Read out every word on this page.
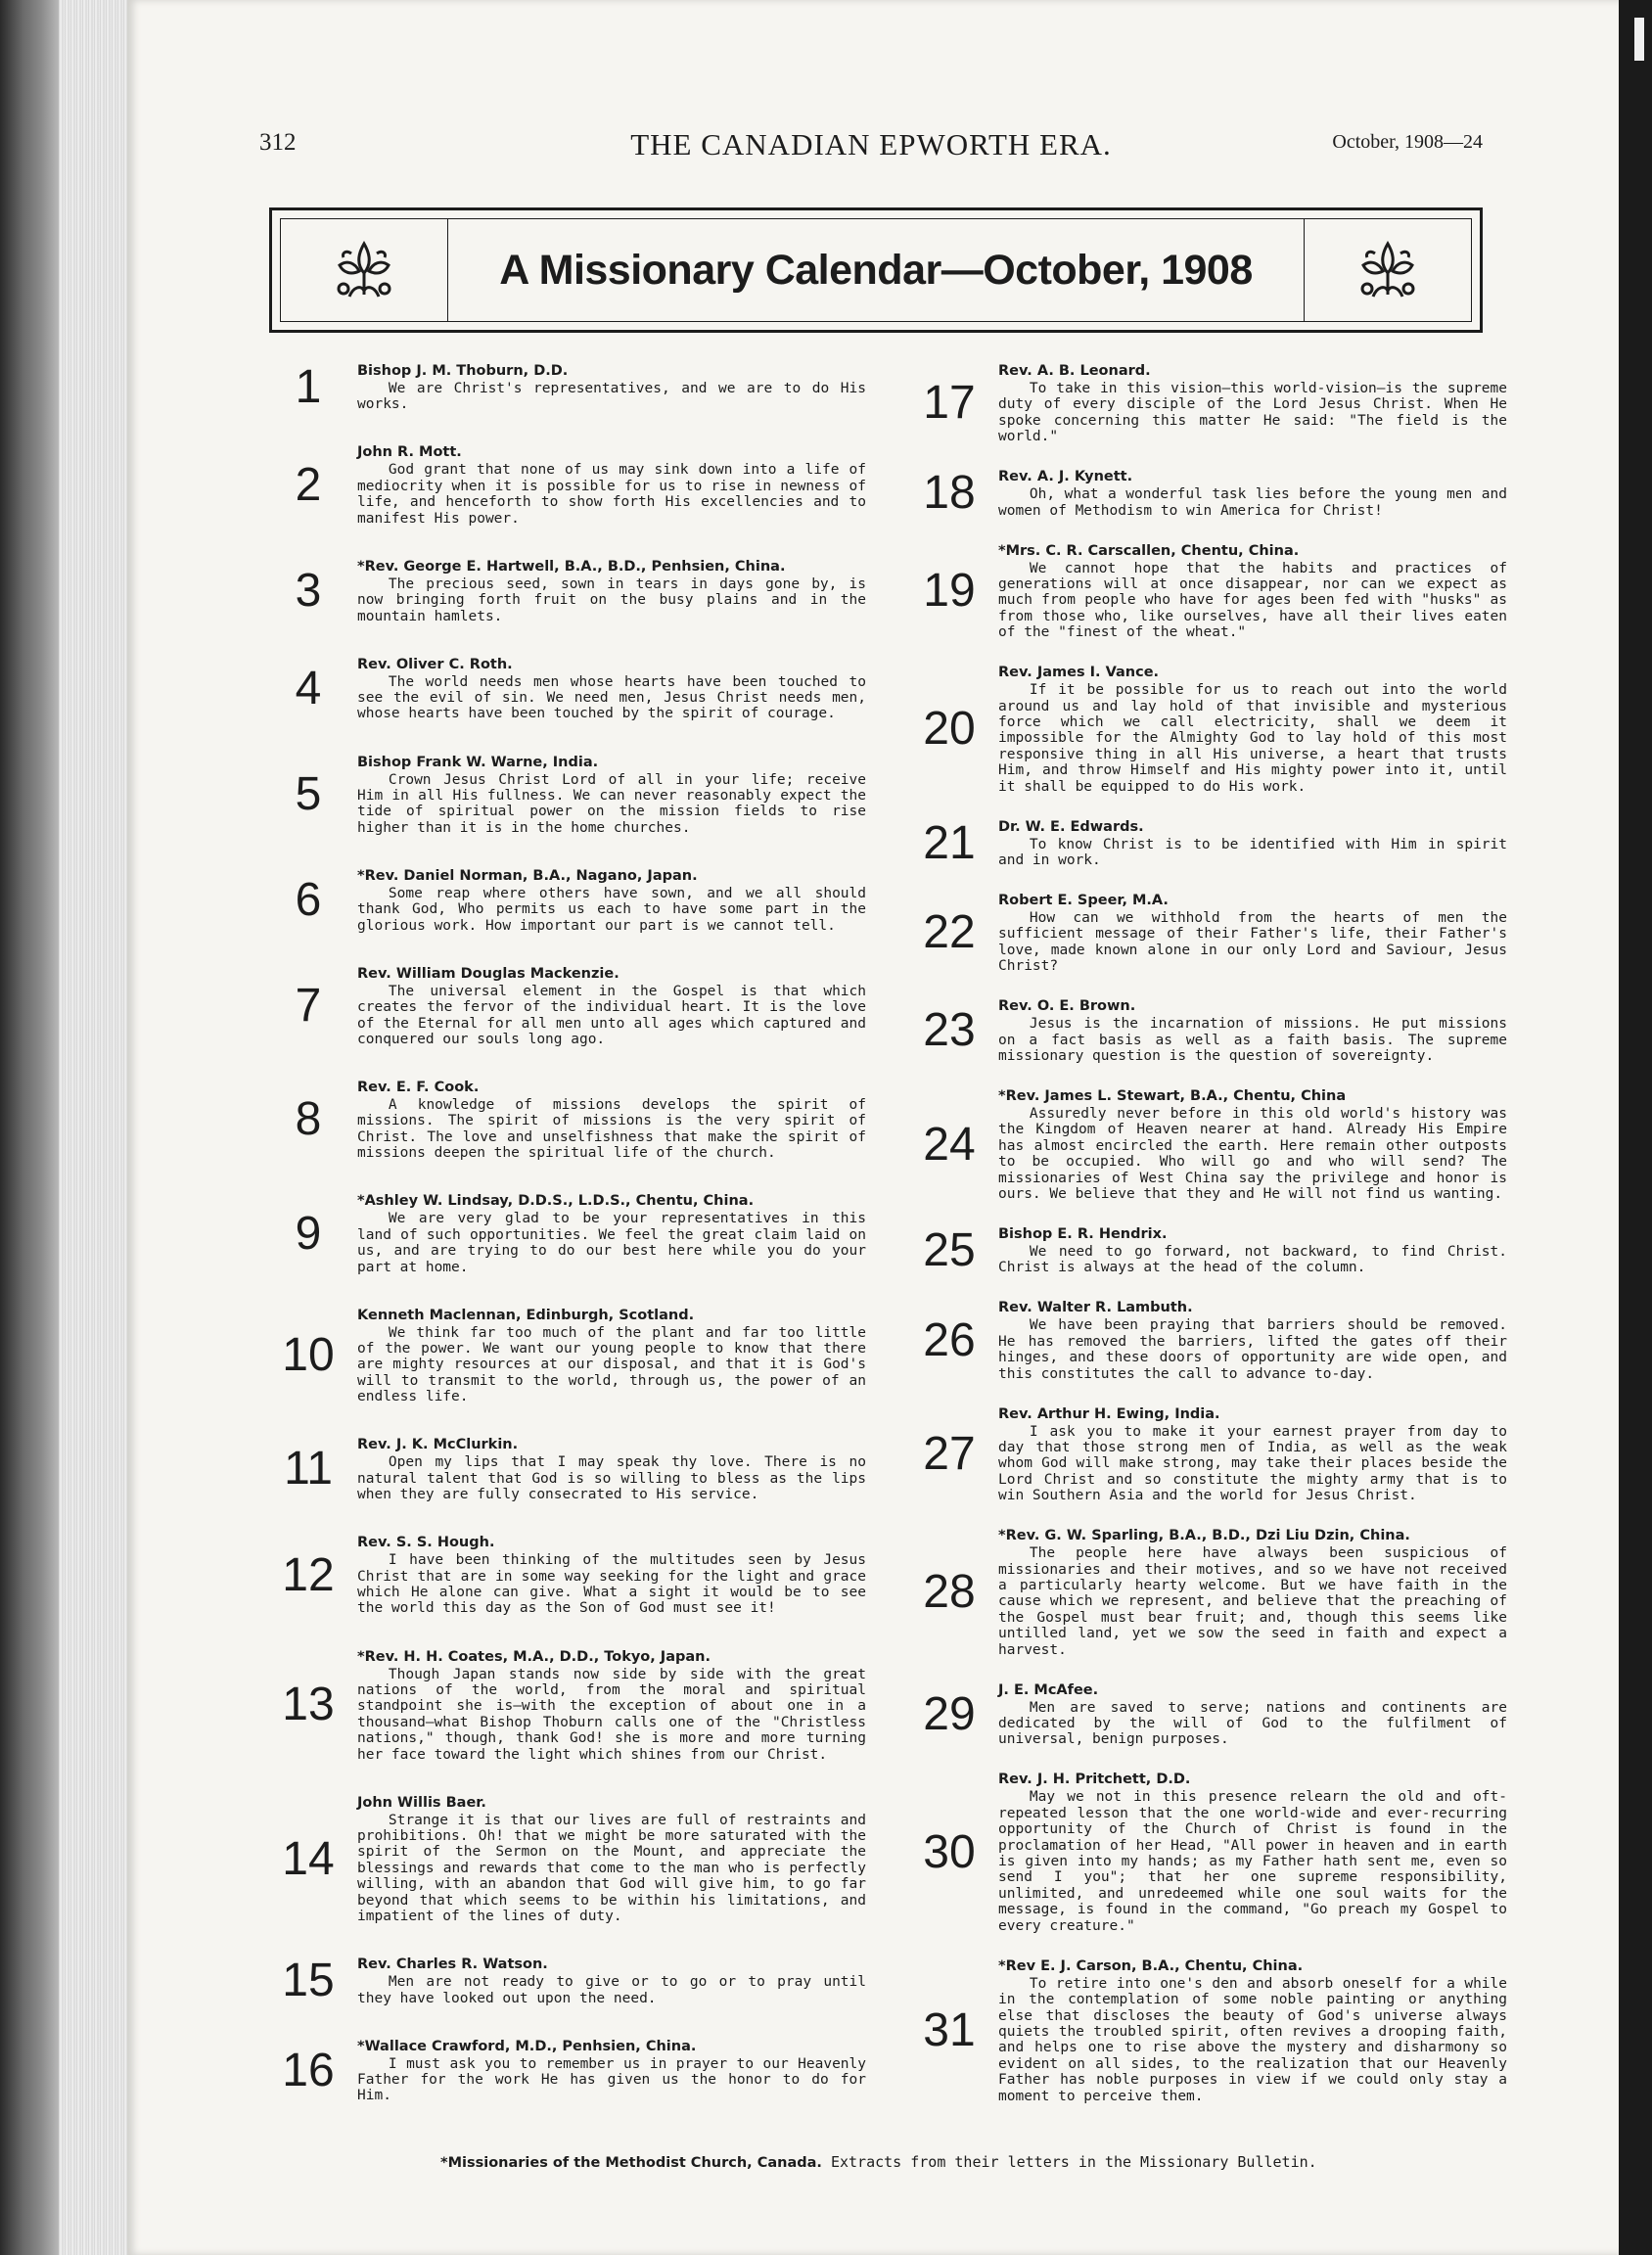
312	THE CANADIAN EPWORTH ERA.	October, 1908—24
A Missionary Calendar—October, 1908
1	Bishop J. M. Thoburn, D.D.
We are Christ's representatives, and we are to do His works.
2
John R. Mott.
God grant that none of us may sink down into a life of mediocrity when it is possible for us to rise in newness of life, and henceforth to show forth His excellencies and to manifest His power.
3	*Rev. George E. Hartwell, B.A., B.D., Penhsien, China.
The precious seed, sown in tears in days gone by, is now bringing forth fruit on the busy plains and in the mountain hamlets.
4	Rev. Oliver C. Roth.
The world needs men whose hearts have been touched to see the evil of sin. We need men, Jesus Christ needs men, whose hearts have been touched by the spirit of courage.
5
Bishop Frank W. Warne, India.
Crown Jesus Christ Lord of all in your life; receive Him in all His fullness. We can never reasonably expect the tide of spiritual power on the mission fields to rise higher than it is in the home churches.
6	*Rev. Daniel Norman, B.A., Nagano, Japan.
Some reap where others have sown, and we all should thank God, Who permits us each to have some part in the glorious work. How important our part is we cannot tell.
7
Rev. William Douglas Mackenzie.
The universal element in the Gospel is that which creates the fervor of the individual heart. It is the love of the Eternal for all men unto all ages which captured and conquered our souls long ago.
8
Rev. E. F. Cook.
A knowledge of missions develops the spirit of missions. The spirit of missions is the very spirit of Christ. The love and unselfishness that make the spirit of missions deepen the spiritual life of the church.
9
*Ashley W. Lindsay, D.D.S., L.D.S., Chentu, China.
We are very glad to be your representatives in this land of such opportunities. We feel the great claim laid on us, and are trying to do our best here while you do your part at home.
10
Kenneth Maclennan, Edinburgh, Scotland.
We think far too much of the plant and far too little of the power. We want our young people to know that there are mighty resources at our disposal, and that it is God's will to transmit to the world, through us, the power of an endless life.
11	Rev. J. K. McClurkin.
Open my lips that I may speak thy love. There is no natural talent that God is so willing to bless as the lips when they are fully consecrated to His service.
12
Rev. S. S. Hough.
I have been thinking of the multitudes seen by Jesus Christ that are in some way seeking for the light and grace which He alone can give. What a sight it would be to see the world this day as the Son of God must see it!
13
*Rev. H. H. Coates, M.A., D.D., Tokyo, Japan.
Though Japan stands now side by side with the great nations of the world, from the moral and spiritual standpoint she is—with the exception of about one in a thousand—what Bishop Thoburn calls one of the "Christless nations," though, thank God! she is more and more turning her face toward the light which shines from our Christ.
14
John Willis Baer.
Strange it is that our lives are full of restraints and prohibitions. Oh! that we might be more saturated with the spirit of the Sermon on the Mount, and appreciate the blessings and rewards that come to the man who is perfectly willing, with an abandon that God will give him, to go far beyond that which seems to be within his limitations, and impatient of the lines of duty.
15	Rev. Charles R. Watson.
Men are not ready to give or to go or to pray until they have looked out upon the need.
16	*Wallace Crawford, M.D., Penhsien, China.
I must ask you to remember us in prayer to our Heavenly Father for the work He has given us the honor to do for Him.
17
Rev. A. B. Leonard.
To take in this vision—this world-vision—is the supreme duty of every disciple of the Lord Jesus Christ. When He spoke concerning this matter He said: "The field is the world."
18	Rev. A. J. Kynett.
Oh, what a wonderful task lies before the young men and women of Methodism to win America for Christ!
19
*Mrs. C. R. Carscallen, Chentu, China.
We cannot hope that the habits and practices of generations will at once disappear, nor can we expect as much from people who have for ages been fed with "husks" as from those who, like ourselves, have all their lives eaten of the "finest of the wheat."
20
Rev. James I. Vance.
If it be possible for us to reach out into the world around us and lay hold of that invisible and mysterious force which we call electricity, shall we deem it impossible for the Almighty God to lay hold of this most responsive thing in all His universe, a heart that trusts Him, and throw Himself and His mighty power into it, until it shall be equipped to do His work.
21	Dr. W. E. Edwards.
To know Christ is to be identified with Him in spirit and in work.
22
Robert E. Speer, M.A.
How can we withhold from the hearts of men the sufficient message of their Father's life, their Father's love, made known alone in our only Lord and Saviour, Jesus Christ?
23	Rev. O. E. Brown.
Jesus is the incarnation of missions. He put missions on a fact basis as well as a faith basis. The supreme missionary question is the question of sovereignty.
24
*Rev. James L. Stewart, B.A., Chentu, China
Assuredly never before in this old world's history was the Kingdom of Heaven nearer at hand. Already His Empire has almost encircled the earth. Here remain other outposts to be occupied. Who will go and who will send? The missionaries of West China say the privilege and honor is ours. We believe that they and He will not find us wanting.
25	Bishop E. R. Hendrix.
We need to go forward, not backward, to find Christ. Christ is always at the head of the column.
26
Rev. Walter R. Lambuth.
We have been praying that barriers should be removed. He has removed the barriers, lifted the gates off their hinges, and these doors of opportunity are wide open, and this constitutes the call to advance to-day.
27
Rev. Arthur H. Ewing, India.
I ask you to make it your earnest prayer from day to day that those strong men of India, as well as the weak whom God will make strong, may take their places beside the Lord Christ and so constitute the mighty army that is to win Southern Asia and the world for Jesus Christ.
28
*Rev. G. W. Sparling, B.A., B.D., Dzi Liu Dzin, China.
The people here have always been suspicious of missionaries and their motives, and so we have not received a particularly hearty welcome. But we have faith in the cause which we represent, and believe that the preaching of the Gospel must bear fruit; and, though this seems like untilled land, yet we sow the seed in faith and expect a harvest.
29	J. E. McAfee.
Men are saved to serve; nations and continents are dedicated by the will of God to the fulfilment of universal, benign purposes.
30
Rev. J. H. Pritchett, D.D.
May we not in this presence relearn the old and oft-repeated lesson that the one world-wide and ever-recurring opportunity of the Church of Christ is found in the proclamation of her Head, "All power in heaven and in earth is given into my hands; as my Father hath sent me, even so send I you"; that her one supreme responsibility, unlimited, and unredeemed while one soul waits for the message, is found in the command, "Go preach my Gospel to every creature."
31
*Rev E. J. Carson, B.A., Chentu, China.
To retire into one's den and absorb oneself for a while in the contemplation of some noble painting or anything else that discloses the beauty of God's universe always quiets the troubled spirit, often revives a drooping faith, and helps one to rise above the mystery and disharmony so evident on all sides, to the realization that our Heavenly Father has noble purposes in view if we could only stay a moment to perceive them.
*Missionaries of the Methodist Church, Canada. Extracts from their letters in the Missionary Bulletin.
